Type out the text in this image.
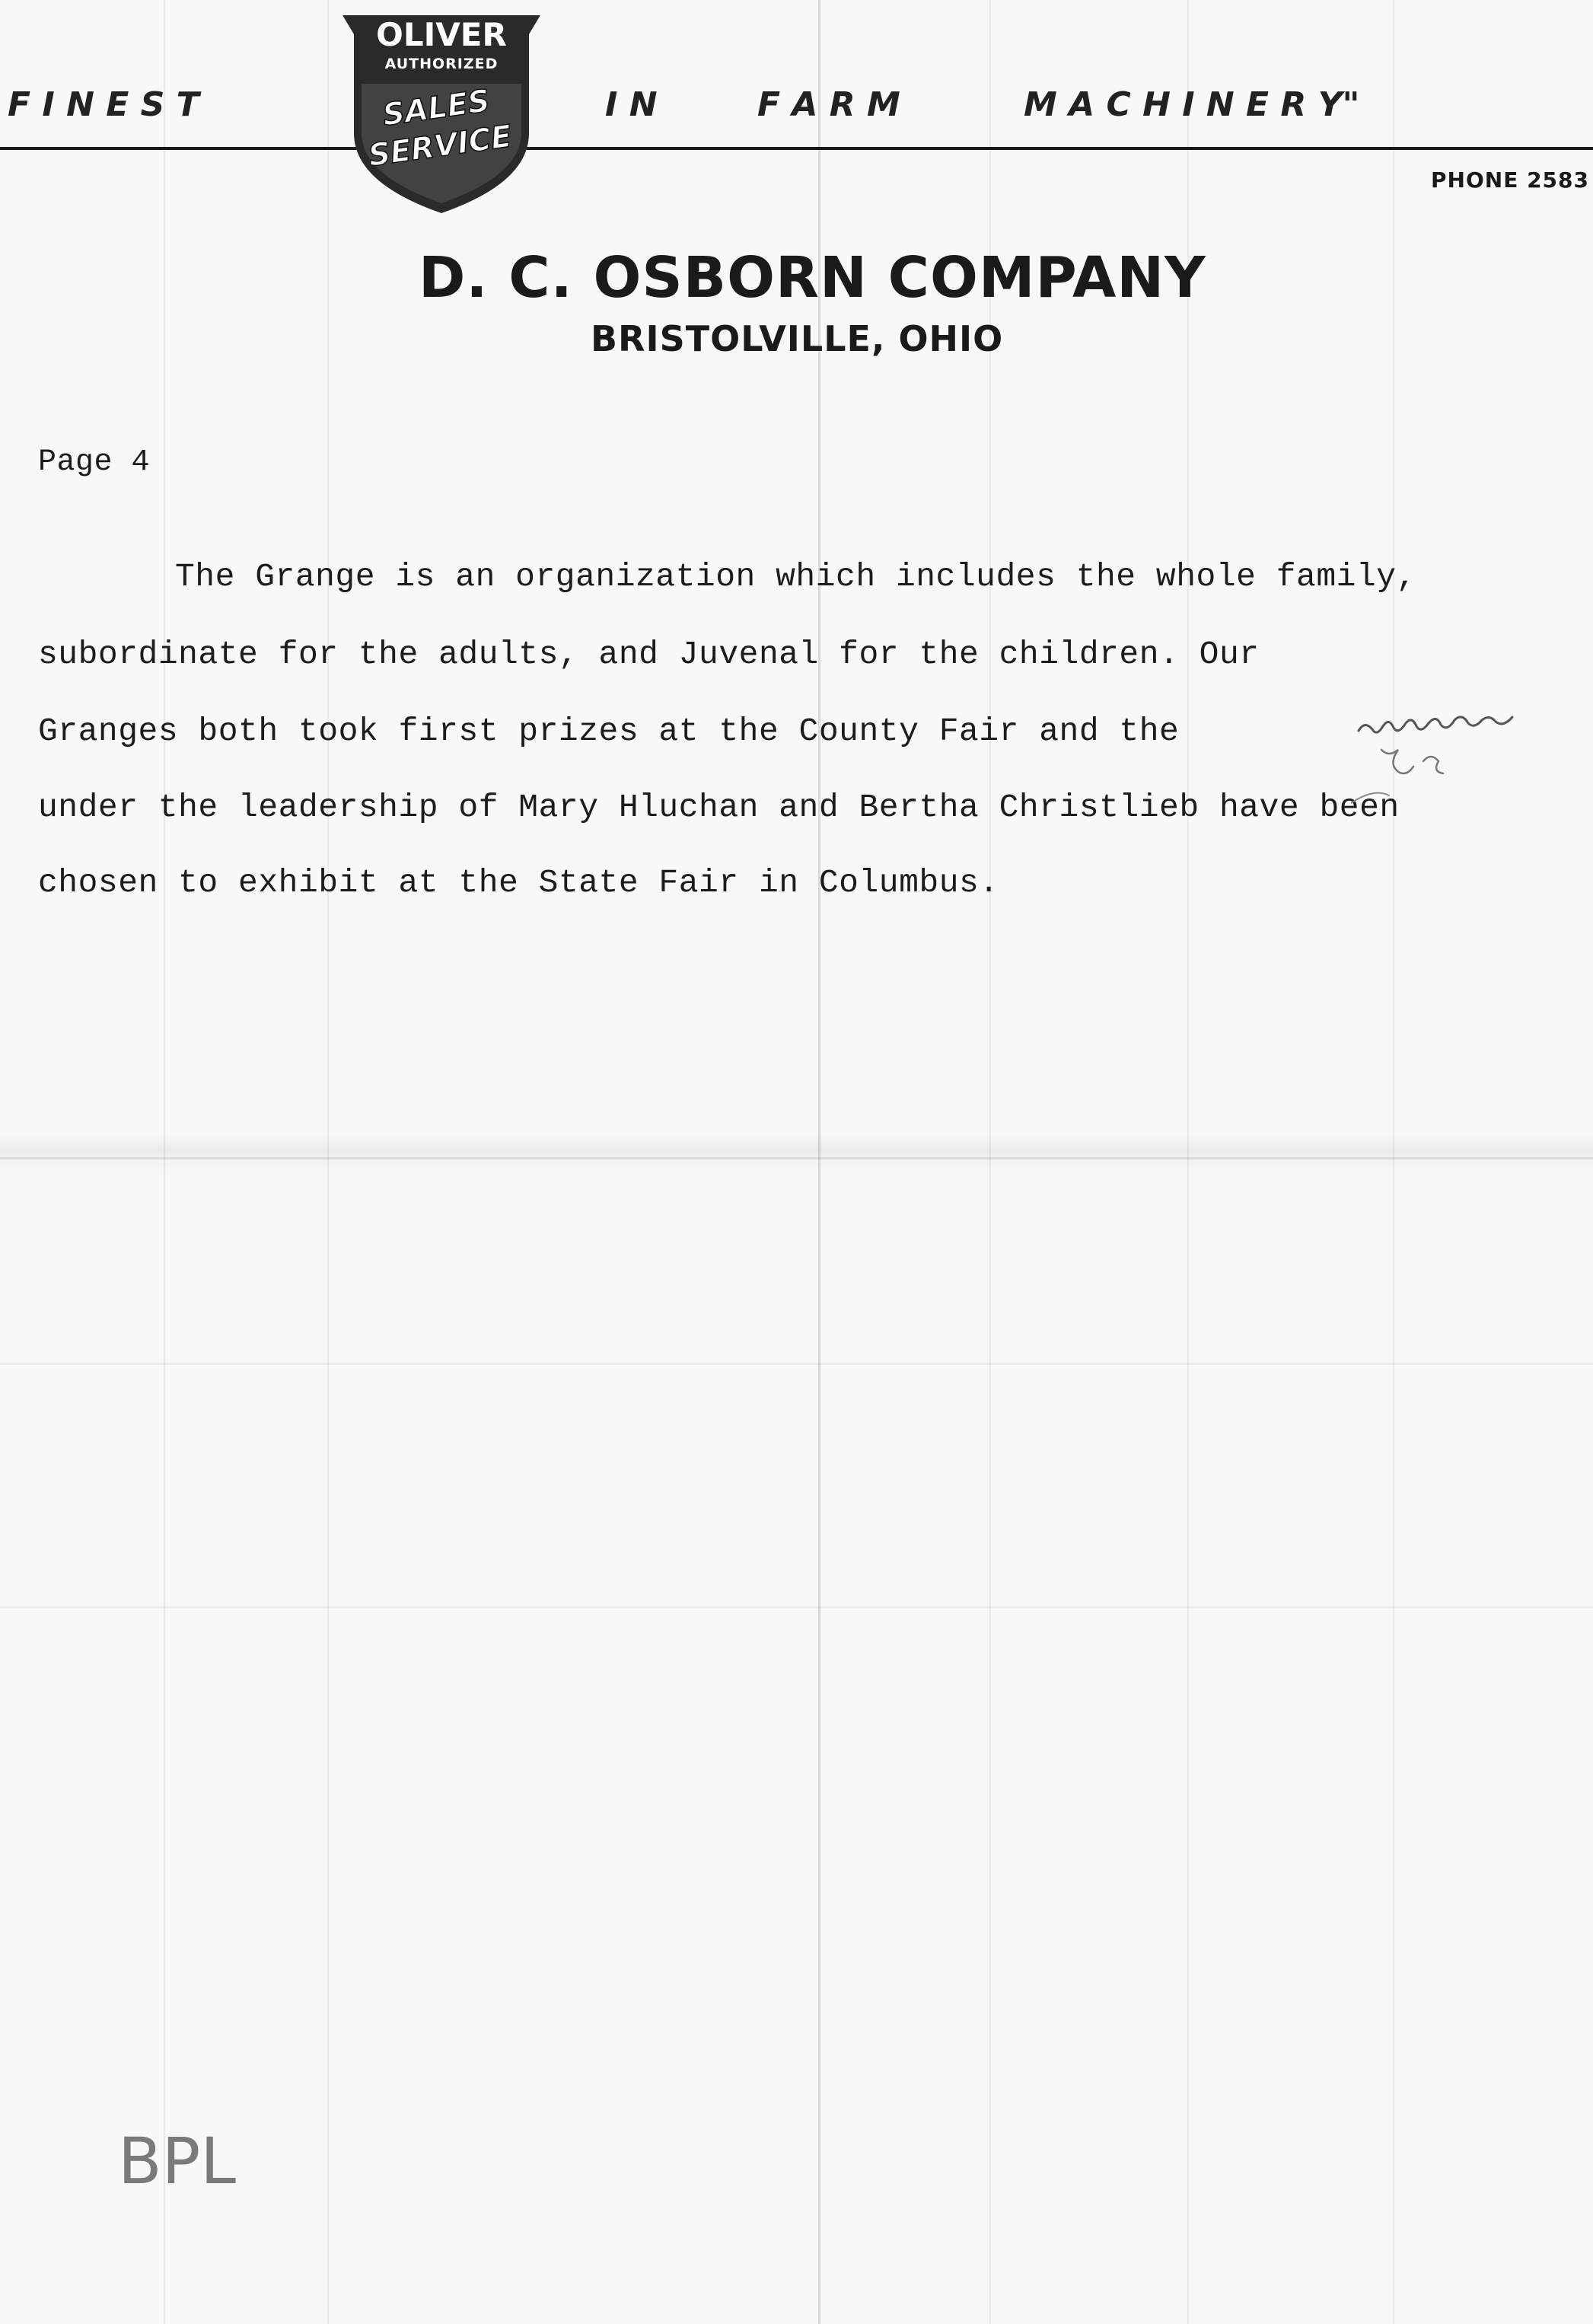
F I N E S T	I N	F A R M	M A C H I N E R Y"
OLIVER
AUTHORIZED
SALES
SERVICE
PHONE 2583
D. C. OSBORN COMPANY
BRISTOLVILLE, OHIO
Page 4
The Grange is an organization which includes the whole family,
subordinate for the adults, and Juvenal for the children. Our
Granges both took first prizes at the County Fair and the
under the leadership of Mary Hluchan and Bertha Christlieb have been
chosen to exhibit at the State Fair in Columbus.
BPL
